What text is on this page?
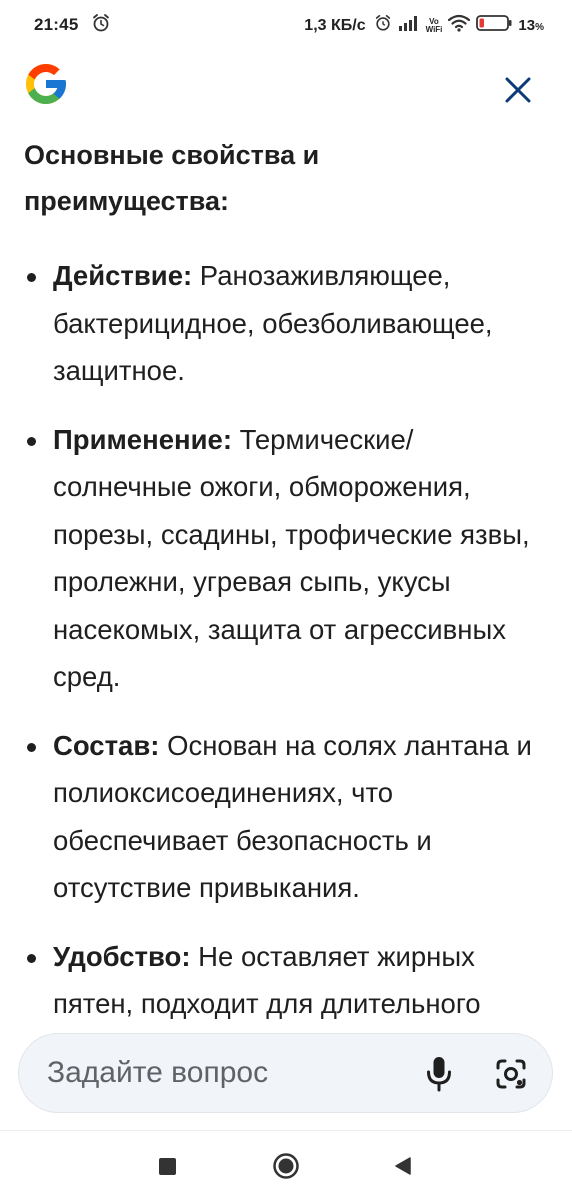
21:45	1,3 КБ/с	Vo
WiFi	13%
Основные свойства и преимущества:
Действие: Ранозаживляющее, бактерицидное, обезболивающее, защитное.
Применение: Термические/ солнечные ожоги, обморожения, порезы, ссадины, трофические язвы, пролежни, угревая сыпь, укусы насекомых, защита от агрессивных сред.
Состав: Основан на солях лантана и полиоксисоединениях, что обеспечивает безопасность и отсутствие привыкания.
Удобство: Не оставляет жирных пятен, подходит для длительного
Задайте вопрос
